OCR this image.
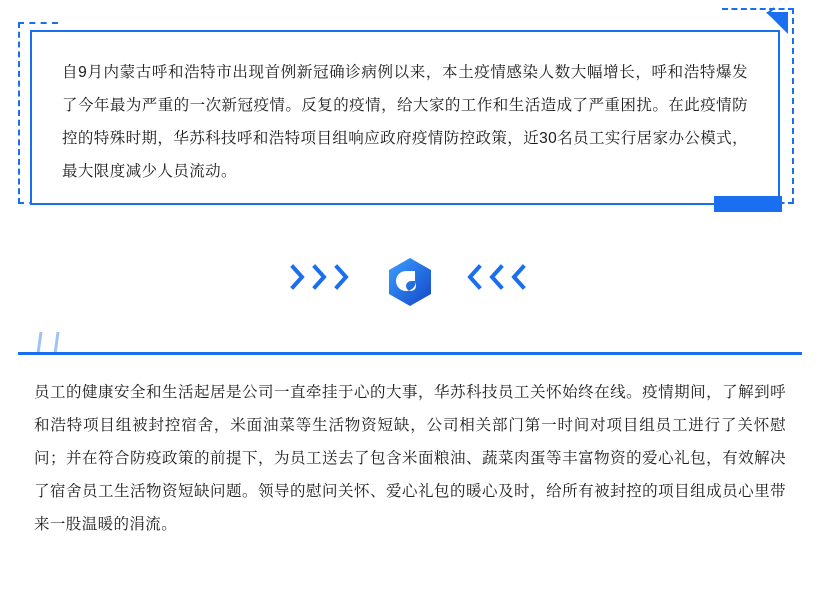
自9月内蒙古呼和浩特市出现首例新冠确诊病例以来，本土疫情感染人数大幅增长，呼和浩特爆发了今年最为严重的一次新冠疫情。反复的疫情，给大家的工作和生活造成了严重困扰。在此疫情防控的特殊时期，华苏科技呼和浩特项目组响应政府疫情防控政策，近30名员工实行居家办公模式，最大限度减少人员流动。

员工的健康安全和生活起居是公司一直牵挂于心的大事，华苏科技员工关怀始终在线。疫情期间，了解到呼和浩特项目组被封控宿舍，米面油菜等生活物资短缺，公司相关部门第一时间对项目组员工进行了关怀慰问；并在符合防疫政策的前提下，为员工送去了包含米面粮油、蔬菜肉蛋等丰富物资的爱心礼包，有效解决了宿舍员工生活物资短缺问题。领导的慰问关怀、爱心礼包的暖心及时，给所有被封控的项目组成员心里带来一股温暖的涓流。
